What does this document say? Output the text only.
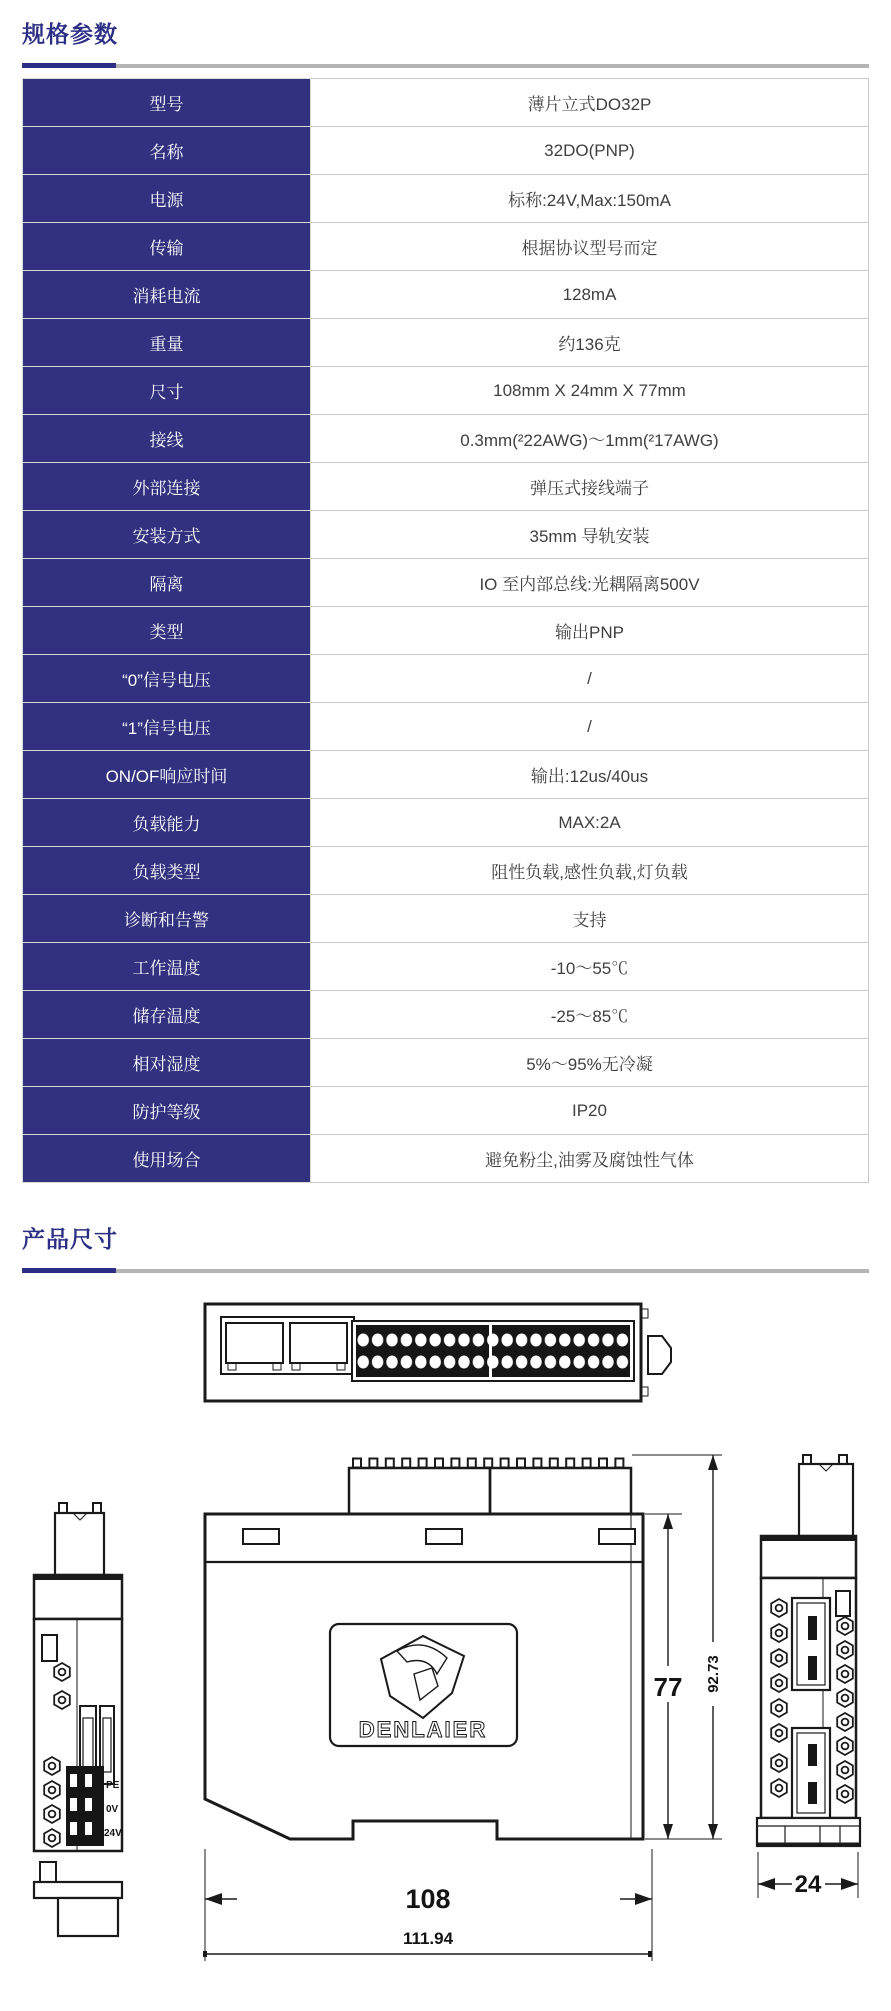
规格参数
型号	薄片立式DO32P
名称	32DO(PNP)
电源	标称:24V,Max:150mA
传输	根据协议型号而定
消耗电流	128mA
重量	约136克
尺寸	108mm X 24mm X 77mm
接线	0.3mm(²22AWG)～1mm(²17AWG)
外部连接	弹压式接线端子
安装方式	35mm 导轨安装
隔离	IO 至内部总线:光耦隔离500V
类型	输出PNP
“0”信号电压	/
“1”信号电压	/
ON/OF响应时间	输出:12us/40us
负载能力	MAX:2A
负载类型	阻性负载,感性负载,灯负载
诊断和告警	支持
工作温度	-10～55℃
储存温度	-25～85℃
相对湿度	5%～95%无冷凝
防护等级	IP20
使用场合	避免粉尘,油雾及腐蚀性气体
产品尺寸
PE
0V
24V
DENLAIER
77 92.73
108
111.94
24
